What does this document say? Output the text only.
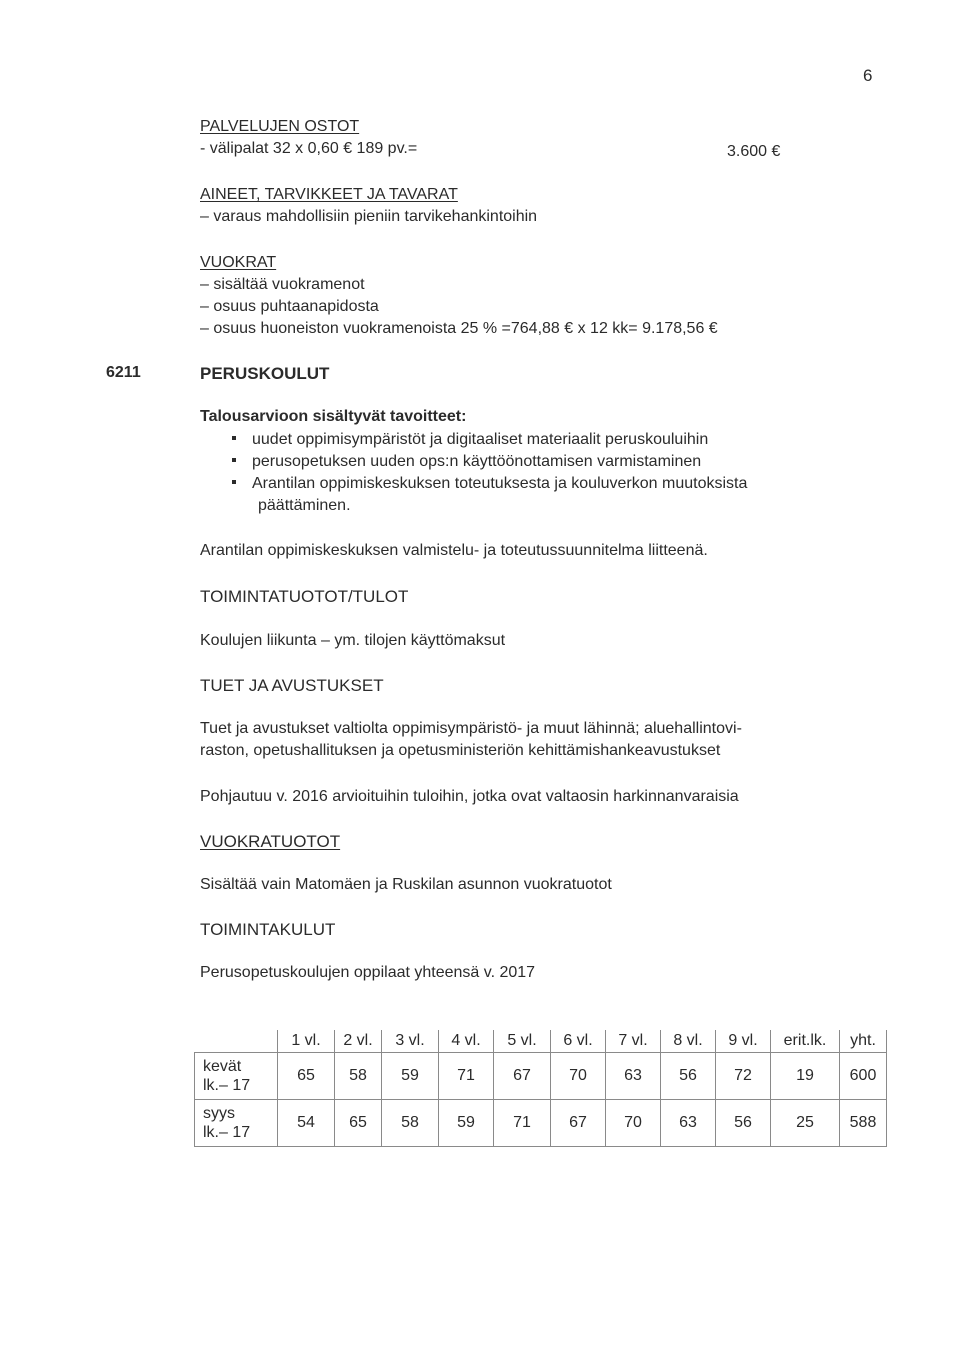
6
PALVELUJEN OSTOT
- välipalat 32 x 0,60 € 189 pv.=	3.600 €
AINEET, TARVIKKEET JA TAVARAT
– varaus mahdollisiin pieniin tarvikehankintoihin
VUOKRAT
– sisältää vuokramenot
– osuus puhtaanapidosta
– osuus huoneiston vuokramenoista 25 % =764,88 € x 12 kk= 9.178,56 €
6211	PERUSKOULUT
Talousarvioon sisältyvät tavoitteet:
uudet oppimisympäristöt ja digitaaliset materiaalit peruskouluihin
perusopetuksen uuden ops:n käyttöönottamisen varmistaminen
Arantilan oppimiskeskuksen toteutuksesta ja kouluverkon muutoksista
päättäminen.
Arantilan oppimiskeskuksen valmistelu- ja toteutussuunnitelma liitteenä.
TOIMINTATUOTOT/TULOT
Koulujen liikunta – ym. tilojen käyttömaksut
TUET JA AVUSTUKSET
Tuet ja avustukset valtiolta oppimisympäristö- ja muut lähinnä; aluehallintovi-
raston, opetushallituksen ja opetusministeriön kehittämishankeavustukset
Pohjautuu v. 2016 arvioituihin tuloihin, jotka ovat valtaosin harkinnanvaraisia
VUOKRATUOTOT
Sisältää vain Matomäen ja Ruskilan asunnon vuokratuotot
TOIMINTAKULUT
Perusopetuskoulujen oppilaat yhteensä v. 2017
	1 vl.	2 vl.	3 vl.	4 vl.	5 vl.	6 vl.	7 vl.	8 vl.	9 vl.	erit.lk.	yht.
kevät
lk.– 17	65	58	59	71	67	70	63	56	72	19	600
syys
lk.– 17	54	65	58	59	71	67	70	63	56	25	588
